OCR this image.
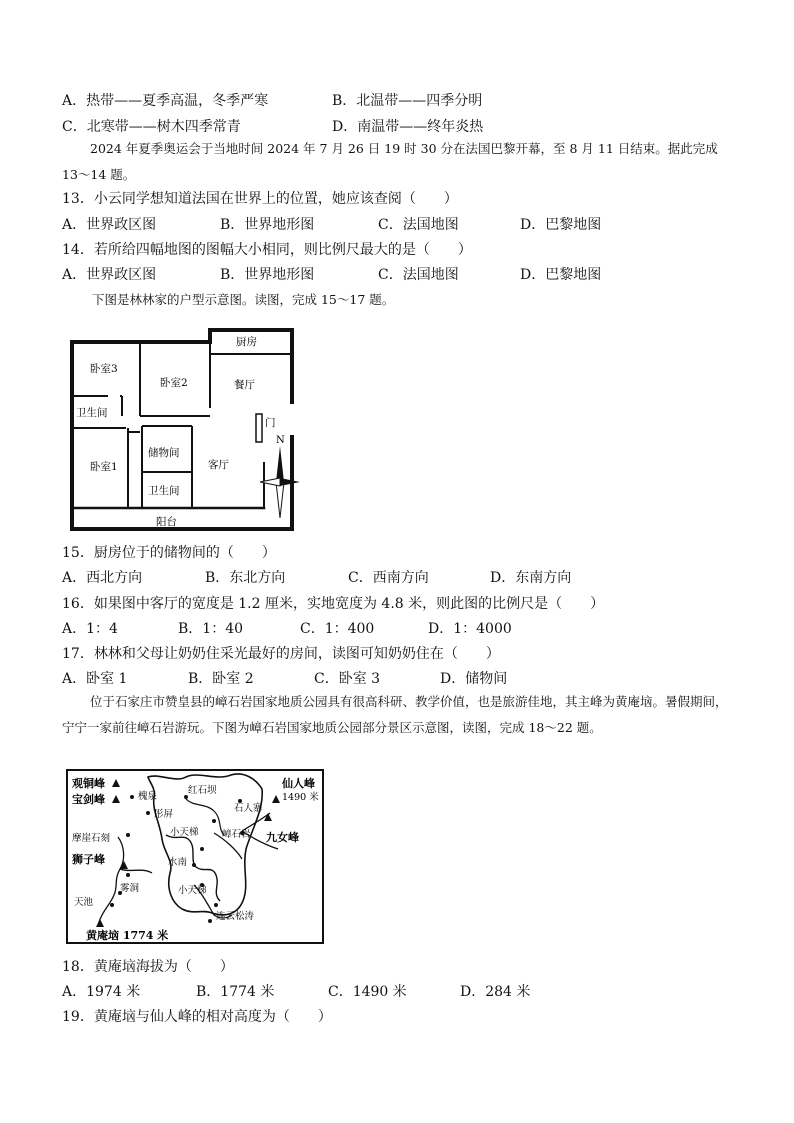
A．热带——夏季高温，冬季严寒	B．北温带——四季分明
C．北寒带——树木四季常青	D．南温带——终年炎热
2024 年夏季奥运会于当地时间 2024 年 7 月 26 日 19 时 30 分在法国巴黎开幕，至 8 月 11 日结束。据此完成 13～14 题。
13．小云同学想知道法国在世界上的位置，她应该查阅（　　）
A．世界政区图	B．世界地形图	C．法国地图	D．巴黎地图
14．若所给四幅地图的图幅大小相同，则比例尺最大的是（　　）
A．世界政区图	B．世界地形图	C．法国地图	D．巴黎地图
下图是林林家的户型示意图。读图，完成 15～17 题。
厨房
卧室3
卧室2	餐厅
卫生间
储物间
卧室1	客厅
卫生间
阳台
门
N
15．厨房位于的储物间的（　　）
A．西北方向	B．东北方向	C．西南方向	D．东南方向
16．如果图中客厅的宽度是 1.2 厘米，实地宽度为 4.8 米，则此图的比例尺是（　　）
A．1：4	B．1：40	C．1：400	D．1：4000
17．林林和父母让奶奶住采光最好的房间，读图可知奶奶住在（　　）
A．卧室 1	B．卧室 2	C．卧室 3	D．储物间
位于石家庄市赞皇县的嶂石岩国家地质公园具有很高科研、教学价值，也是旅游佳地，其主峰为黄庵垴。暑假期间，宁宁一家前往嶂石岩游玩。下图为嶂石岩国家地质公园部分景区示意图，读图，完成 18～22 题。
观铜峰
宝剑峰	槐泉
红石坝
石人寨
仙人峰
1490 米
彤屏
小天梯 嶂石岩 九女峰
摩崖石刻
狮子峰	水南
小天梯
天池
雾洞
连云松涛
黄庵垴 1774 米
18．黄庵垴海拔为（　　）
A．1974 米	B．1774 米	C．1490 米	D．284 米
19．黄庵垴与仙人峰的相对高度为（　　）
